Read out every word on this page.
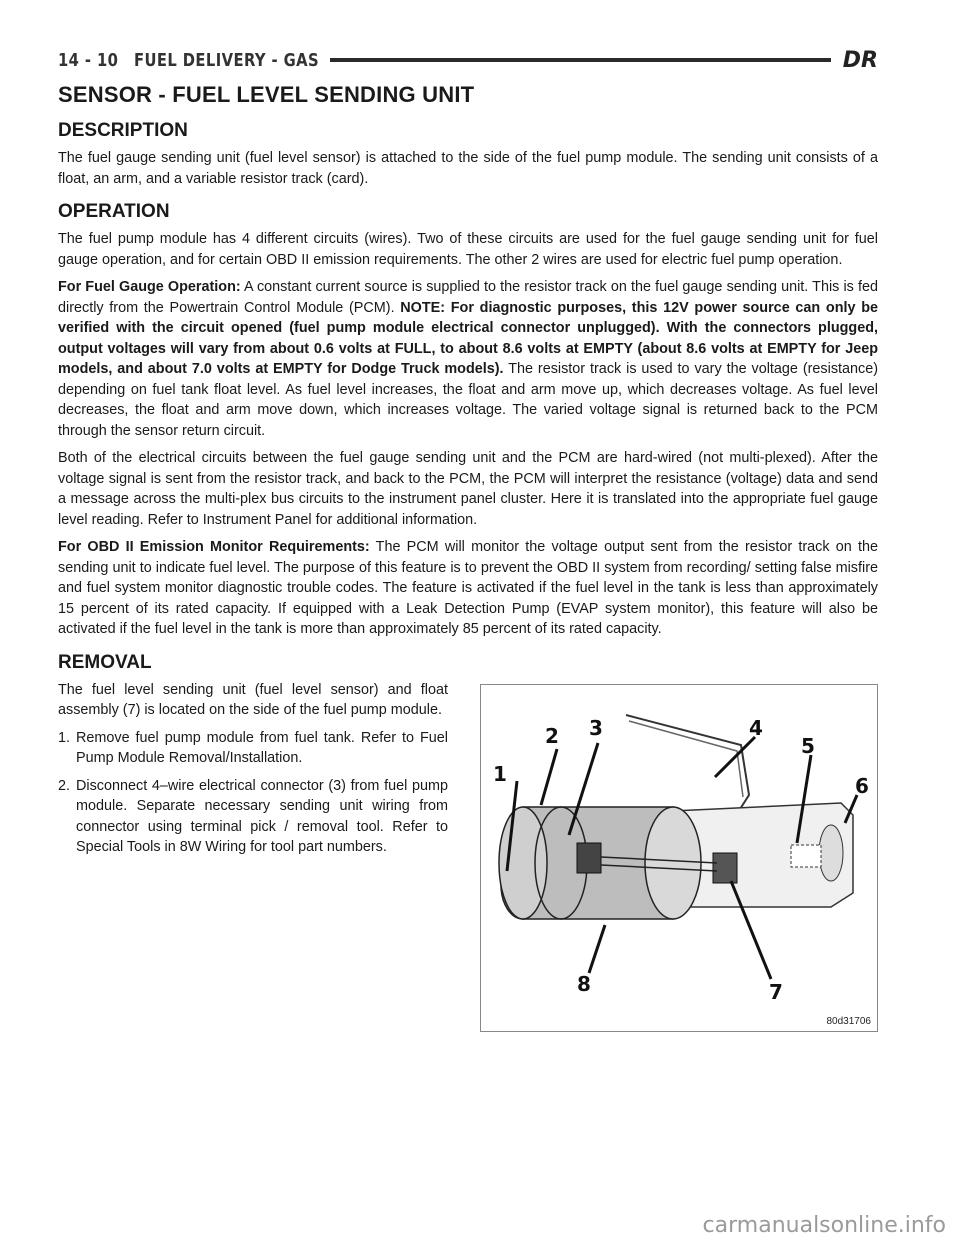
14 - 10 FUEL DELIVERY - GAS	DR
SENSOR - FUEL LEVEL SENDING UNIT
DESCRIPTION

The fuel gauge sending unit (fuel level sensor) is attached to the side of the fuel pump module. The sending unit consists of a float, an arm, and a variable resistor track (card).

OPERATION

The fuel pump module has 4 different circuits (wires). Two of these circuits are used for the fuel gauge sending unit for fuel gauge operation, and for certain OBD II emission requirements. The other 2 wires are used for electric fuel pump operation.

For Fuel Gauge Operation: A constant current source is supplied to the resistor track on the fuel gauge sending unit. This is fed directly from the Powertrain Control Module (PCM). NOTE: For diagnostic purposes, this 12V power source can only be verified with the circuit opened (fuel pump module electrical connector unplugged). With the connectors plugged, output voltages will vary from about 0.6 volts at FULL, to about 8.6 volts at EMPTY (about 8.6 volts at EMPTY for Jeep models, and about 7.0 volts at EMPTY for Dodge Truck models). The resistor track is used to vary the voltage (resistance) depending on fuel tank float level. As fuel level increases, the float and arm move up, which decreases voltage. As fuel level decreases, the float and arm move down, which increases voltage. The varied voltage signal is returned back to the PCM through the sensor return circuit.

Both of the electrical circuits between the fuel gauge sending unit and the PCM are hard-wired (not multi-plexed). After the voltage signal is sent from the resistor track, and back to the PCM, the PCM will interpret the resistance (voltage) data and send a message across the multi-plex bus circuits to the instrument panel cluster. Here it is translated into the appropriate fuel gauge level reading. Refer to Instrument Panel for additional information.

For OBD II Emission Monitor Requirements: The PCM will monitor the voltage output sent from the resistor track on the sending unit to indicate fuel level. The purpose of this feature is to prevent the OBD II system from recording/ setting false misfire and fuel system monitor diagnostic trouble codes. The feature is activated if the fuel level in the tank is less than approximately 15 percent of its rated capacity. If equipped with a Leak Detection Pump (EVAP system monitor), this feature will also be activated if the fuel level in the tank is more than approximately 85 percent of its rated capacity.

REMOVAL

The fuel level sending unit (fuel level sensor) and float assembly (7) is located on the side of the fuel pump module.

1. Remove fuel pump module from fuel tank. Refer to Fuel Pump Module Removal/Installation.

2. Disconnect 4–wire electrical connector (3) from fuel pump module. Separate necessary sending unit wiring from connector using terminal pick / removal tool. Refer to Special Tools in 8W Wiring for tool part numbers.

1
2 3	4
5
6
7
8
80d31706
carmanualsonline.info
